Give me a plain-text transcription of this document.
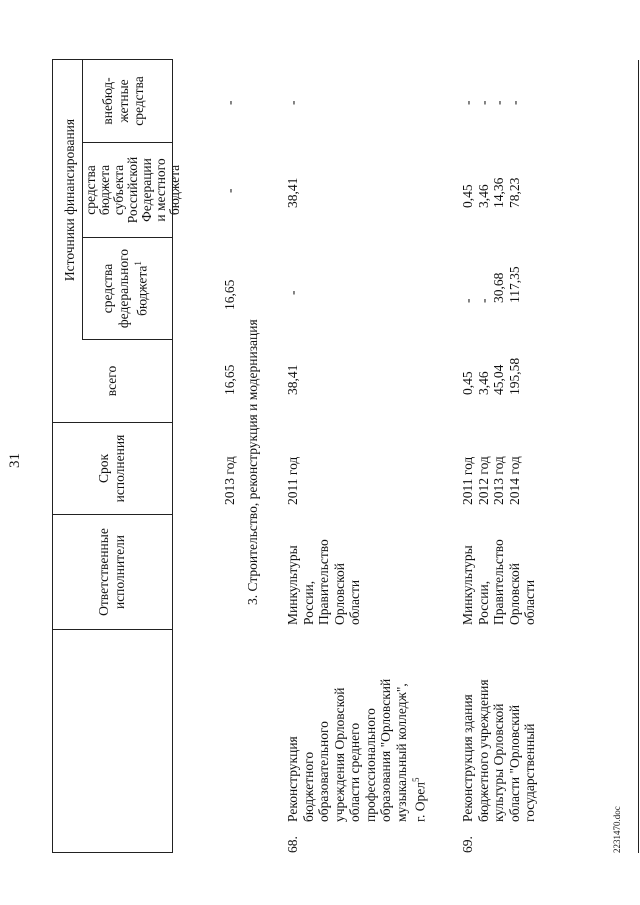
31
Ответственные исполнители
Срок исполнения
всего
Источники финансирования
средства федерального бюджета$^1$
средства бюджета субъекта Российской Федерации и местного бюджета
внебюд- жетные средства
2013 год
16,65
16,65
-
-
3. Строительство, реконструкция и модернизация
68.
Реконструкция бюджетного образовательного учреждения Орловской области среднего профессионального образования "Орловский музыкальный колледж", г. Орел$^5$
Минкультуры России, Правительство Орловской области
2011 год
38,41
-
38,41
-
69.
Реконструкция здания бюджетного учреждения культуры Орловской области "Орловский государственный
Минкультуры России, Правительство Орловской области
2011 год 2012 год 2013 год 2014 год
0,45 3,46 45,04 195,58
- - 30,68 117,35
0,45 3,46 14,36 78,23
- - - -
2231470.doc
